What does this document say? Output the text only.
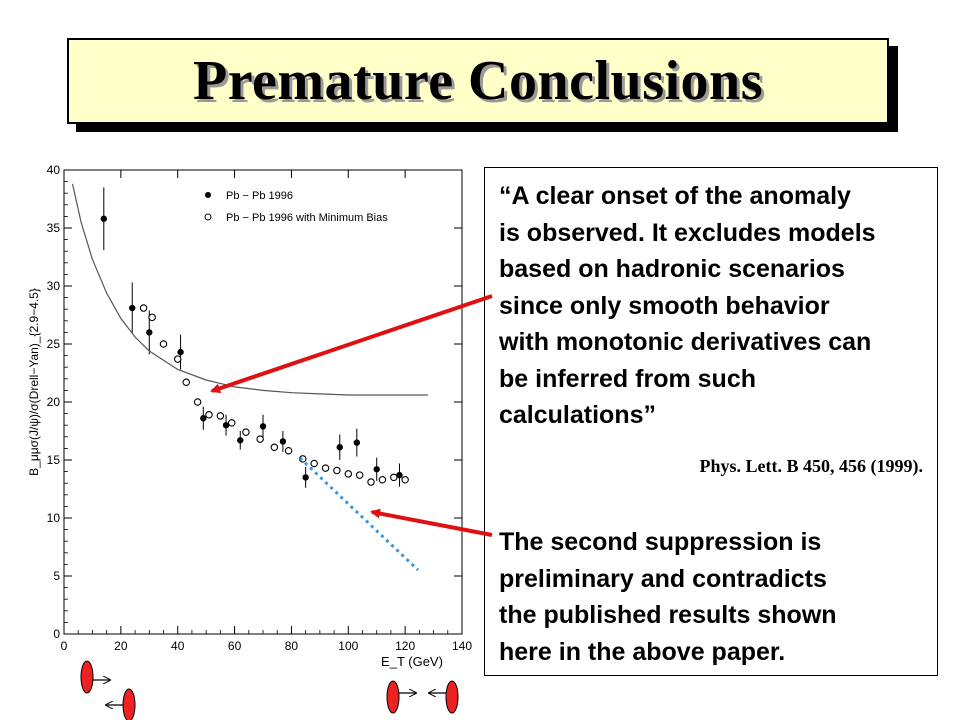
Premature Conclusions
0	20	40	60	80	100	120	140
0
5
10
15
20
25
30
35
40
E_T (GeV)
B_μμσ(J/ψ)/σ(Drell−Yan)_{2.9−4.5}
Pb − Pb 1996
Pb − Pb 1996 with Minimum Bias
“A clear onset of the anomaly
is observed. It excludes models
based on hadronic scenarios
since only smooth behavior
with monotonic derivatives can
be inferred from such
calculations”
Phys. Lett. B 450, 456 (1999).
The second suppression is
preliminary and contradicts
the published results shown
here in the above paper.
